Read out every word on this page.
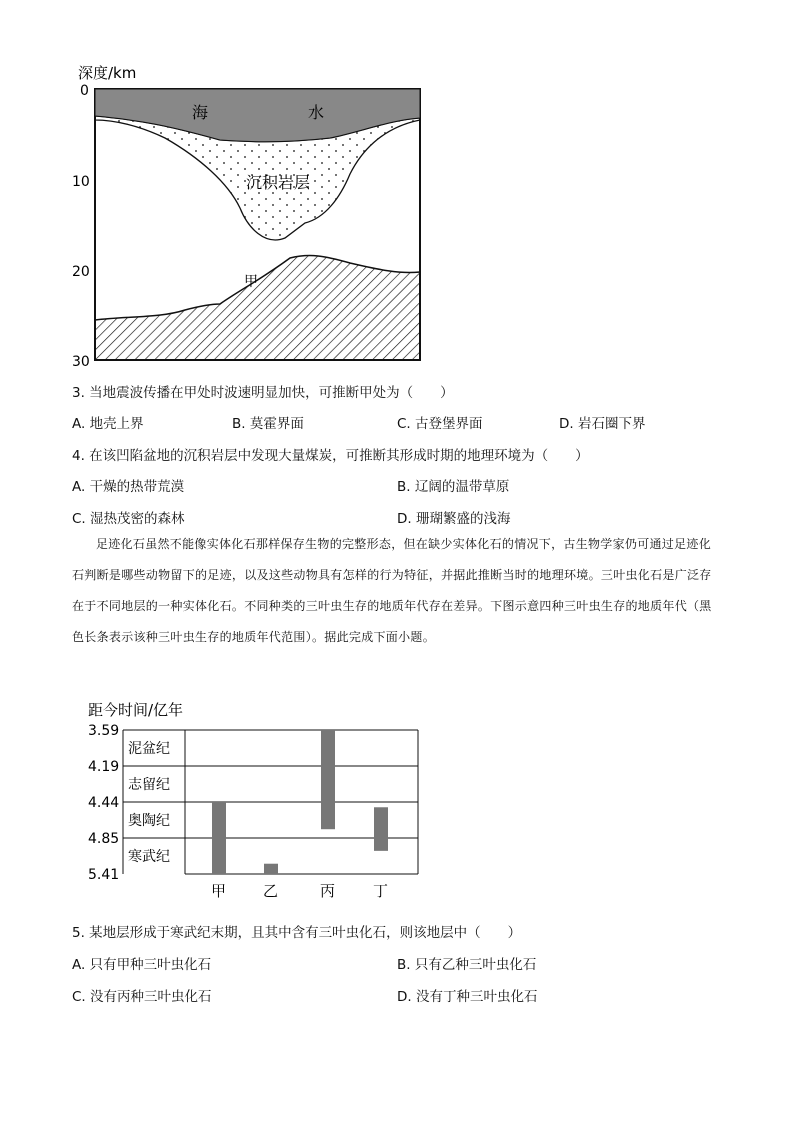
深度/km
海	水
沉积岩层
甲
0
10
20
30
3. 当地震波传播在甲处时波速明显加快，可推断甲处为（　　）
A. 地壳上界	B. 莫霍界面	C. 古登堡界面	D. 岩石圈下界
4. 在该凹陷盆地的沉积岩层中发现大量煤炭，可推断其形成时期的地理环境为（　　）
A. 干燥的热带荒漠	B. 辽阔的温带草原
C. 湿热茂密的森林	D. 珊瑚繁盛的浅海
足迹化石虽然不能像实体化石那样保存生物的完整形态，但在缺少实体化石的情况下，古生物学家仍可通过足迹化石判断是哪些动物留下的足迹，以及这些动物具有怎样的行为特征，并据此推断当时的地理环境。三叶虫化石是广泛存在于不同地层的一种实体化石。不同种类的三叶虫生存的地质年代存在差异。下图示意四种三叶虫生存的地质年代（黑色长条表示该种三叶虫生存的地质年代范围）。据此完成下面小题。
距今时间/亿年
3.59
4.19
4.44
4.85
5.41
泥盆纪
志留纪
奥陶纪
寒武纪
甲 乙	丙	丁
5. 某地层形成于寒武纪末期，且其中含有三叶虫化石，则该地层中（　　）
A. 只有甲种三叶虫化石	B. 只有乙种三叶虫化石
C. 没有丙种三叶虫化石	D. 没有丁种三叶虫化石
